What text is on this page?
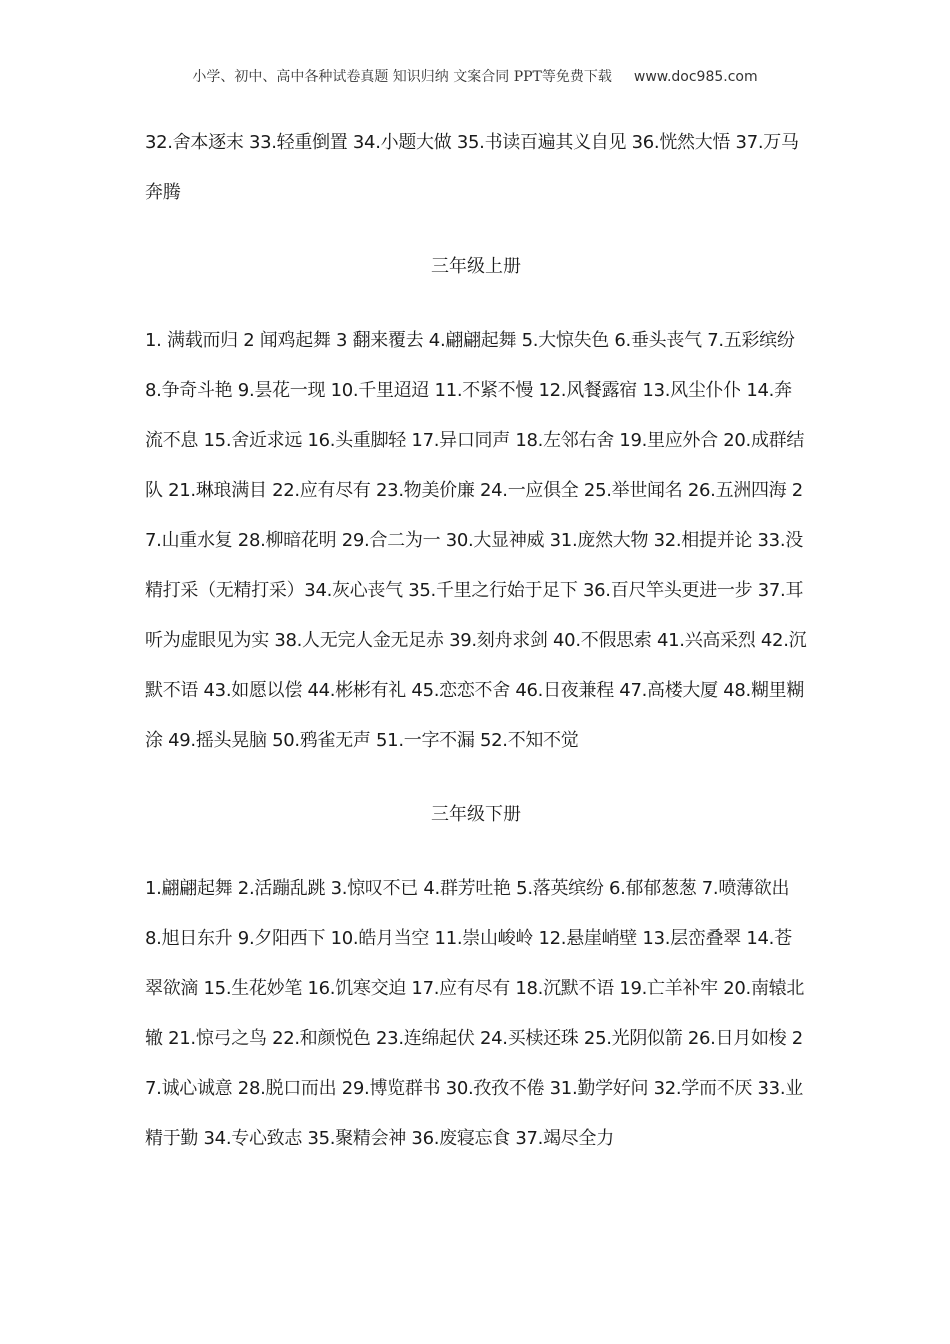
小学、初中、高中各种试卷真题 知识归纳 文案合同 PPT等免费下载 www.doc985.com

32.舍本逐末 33.轻重倒置 34.小题大做 35.书读百遍其义自见 36.恍然大悟 37.万马奔腾

三年级上册

1. 满载而归 2 闻鸡起舞 3 翻来覆去 4.翩翩起舞 5.大惊失色 6.垂头丧气 7.五彩缤纷 8.争奇斗艳 9.昙花一现 10.千里迢迢 11.不紧不慢 12.风餐露宿 13.风尘仆仆 14.奔流不息 15.舍近求远 16.头重脚轻 17.异口同声 18.左邻右舍 19.里应外合 20.成群结队 21.琳琅满目 22.应有尽有 23.物美价廉 24.一应俱全 25.举世闻名 26.五洲四海 27.山重水复 28.柳暗花明 29.合二为一 30.大显神威 31.庞然大物 32.相提并论 33.没精打采（无精打采）34.灰心丧气 35.千里之行始于足下 36.百尺竿头更进一步 37.耳听为虚眼见为实 38.人无完人金无足赤 39.刻舟求剑 40.不假思索 41.兴高采烈 42.沉默不语 43.如愿以偿 44.彬彬有礼 45.恋恋不舍 46.日夜兼程 47.高楼大厦 48.糊里糊涂 49.摇头晃脑 50.鸦雀无声 51.一字不漏 52.不知不觉

三年级下册

1.翩翩起舞 2.活蹦乱跳 3.惊叹不已 4.群芳吐艳 5.落英缤纷 6.郁郁葱葱 7.喷薄欲出 8.旭日东升 9.夕阳西下 10.皓月当空 11.崇山峻岭 12.悬崖峭壁 13.层峦叠翠 14.苍翠欲滴 15.生花妙笔 16.饥寒交迫 17.应有尽有 18.沉默不语 19.亡羊补牢 20.南辕北辙 21.惊弓之鸟 22.和颜悦色 23.连绵起伏 24.买椟还珠 25.光阴似箭 26.日月如梭 27.诚心诚意 28.脱口而出 29.博览群书 30.孜孜不倦 31.勤学好问 32.学而不厌 33.业精于勤 34.专心致志 35.聚精会神 36.废寝忘食 37.竭尽全力
